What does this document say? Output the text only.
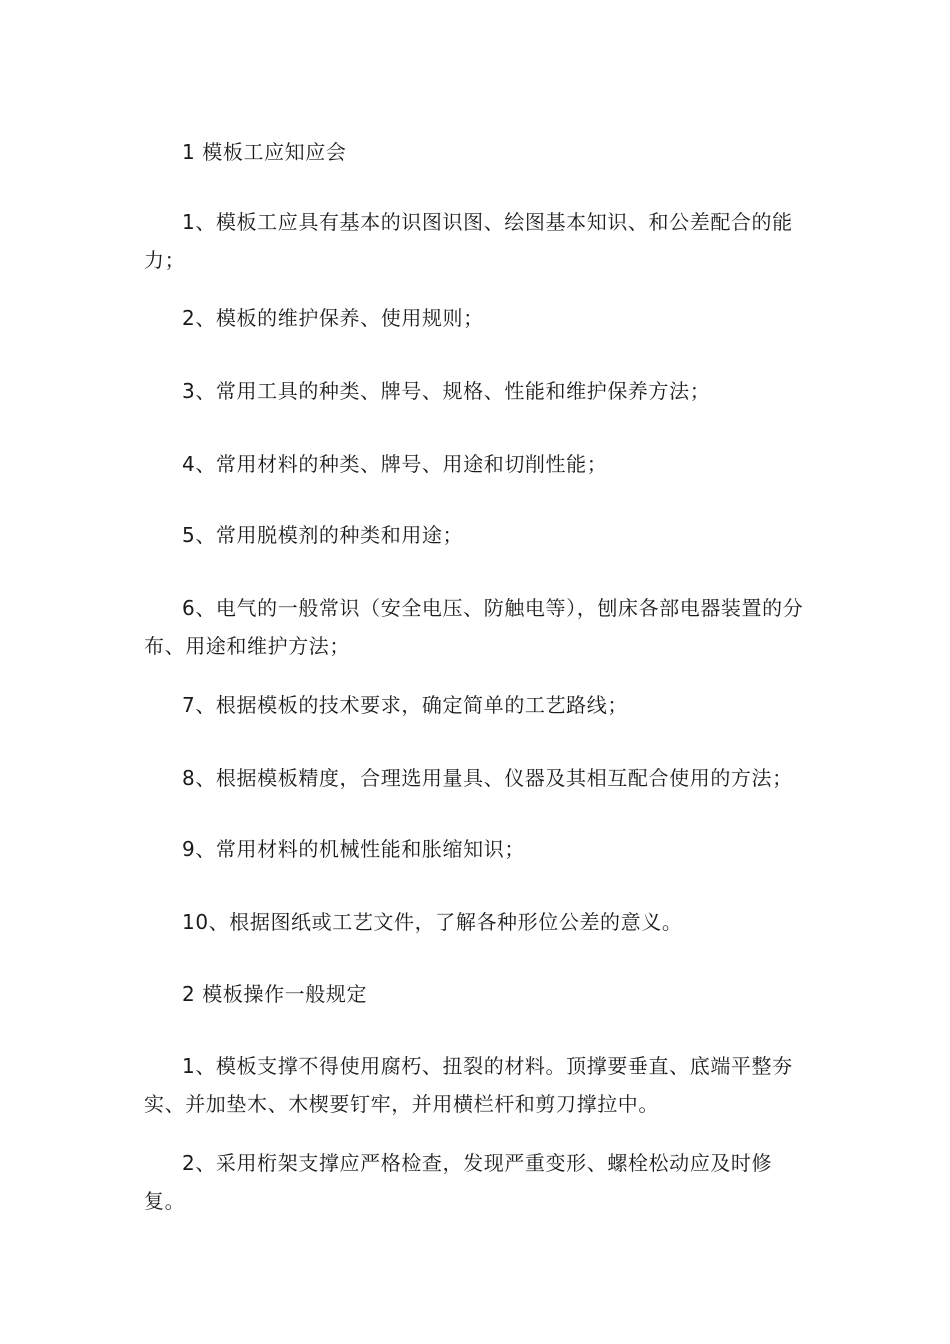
1 模板工应知应会
1、模板工应具有基本的识图识图、绘图基本知识、和公差配合的能力；
2、模板的维护保养、使用规则；
3、常用工具的种类、牌号、规格、性能和维护保养方法；
4、常用材料的种类、牌号、用途和切削性能；
5、常用脱模剂的种类和用途；
6、电气的一般常识（安全电压、防触电等），刨床各部电器装置的分布、用途和维护方法；
7、根据模板的技术要求，确定简单的工艺路线；
8、根据模板精度，合理选用量具、仪器及其相互配合使用的方法；
9、常用材料的机械性能和胀缩知识；
10、根据图纸或工艺文件，了解各种形位公差的意义。
2 模板操作一般规定
1、模板支撑不得使用腐朽、扭裂的材料。顶撑要垂直、底端平整夯实、并加垫木、木楔要钉牢，并用横栏杆和剪刀撑拉中。
2、采用桁架支撑应严格检查，发现严重变形、螺栓松动应及时修复。
